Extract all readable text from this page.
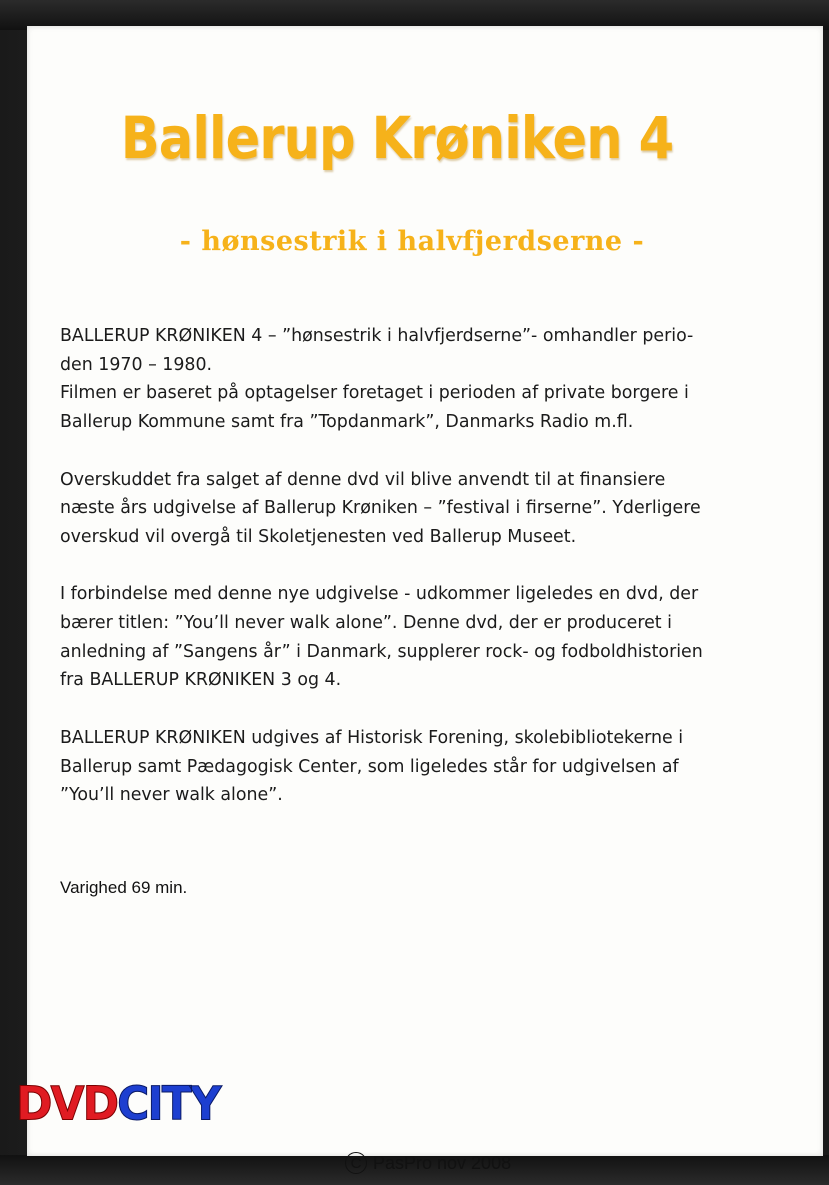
Ballerup Krøniken 4
- hønsestrik i halvfjerdserne -
BALLERUP KRØNIKEN 4 – ”hønsestrik i halvfjerdserne”- omhandler perio-
den 1970 – 1980.
Filmen er baseret på optagelser foretaget i perioden af private borgere i
Ballerup Kommune samt fra ”Topdanmark”, Danmarks Radio m.fl.
Overskuddet fra salget af denne dvd vil blive anvendt til at finansiere
næste års udgivelse af Ballerup Krøniken – ”festival i firserne”. Yderligere
overskud vil overgå til Skoletjenesten ved Ballerup Museet.
I forbindelse med denne nye udgivelse - udkommer ligeledes en dvd, der
bærer titlen: ”You’ll never walk alone”. Denne dvd, der er produceret i
anledning af ”Sangens år” i Danmark, supplerer rock- og fodboldhistorien
fra BALLERUP KRØNIKEN 3 og 4.
BALLERUP KRØNIKEN udgives af Historisk Forening, skolebibliotekerne i
Ballerup samt Pædagogisk Center, som ligeledes står for udgivelsen af
”You’ll never walk alone”.
Varighed 69 min.
C PasPro nov 2008
DVDCITY
